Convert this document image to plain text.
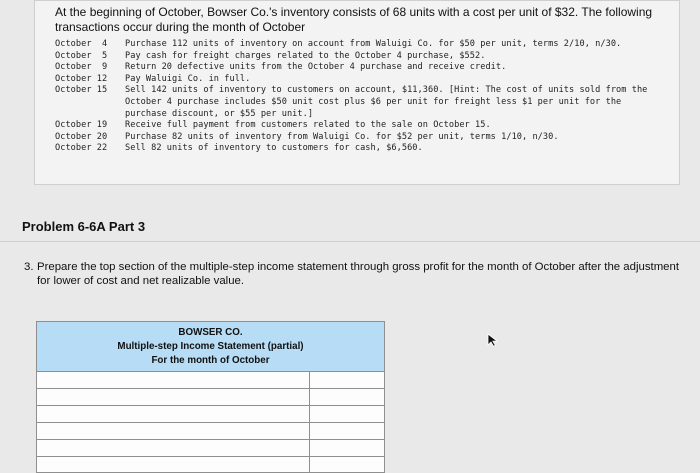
At the beginning of October, Bowser Co.'s inventory consists of 68 units with a cost per unit of $32. The following transactions occur during the month of October
October  4	Purchase 112 units of inventory on account from Waluigi Co. for $50 per unit, terms 2/10, n/30.
October  5	Pay cash for freight charges related to the October 4 purchase, $552.
October  9	Return 20 defective units from the October 4 purchase and receive credit.
October 12	Pay Waluigi Co. in full.
October 15	Sell 142 units of inventory to customers on account, $11,360. [Hint: The cost of units sold from the October 4 purchase includes $50 unit cost plus $6 per unit for freight less $1 per unit for the purchase discount, or $55 per unit.]
October 19	Receive full payment from customers related to the sale on October 15.
October 20	Purchase 82 units of inventory from Waluigi Co. for $52 per unit, terms 1/10, n/30.
October 22	Sell 82 units of inventory to customers for cash, $6,560.
Problem 6-6A Part 3
3. Prepare the top section of the multiple-step income statement through gross profit for the month of October after the adjustment for lower of cost and net realizable value.
BOWSER CO.
Multiple-step Income Statement (partial)
For the month of October
